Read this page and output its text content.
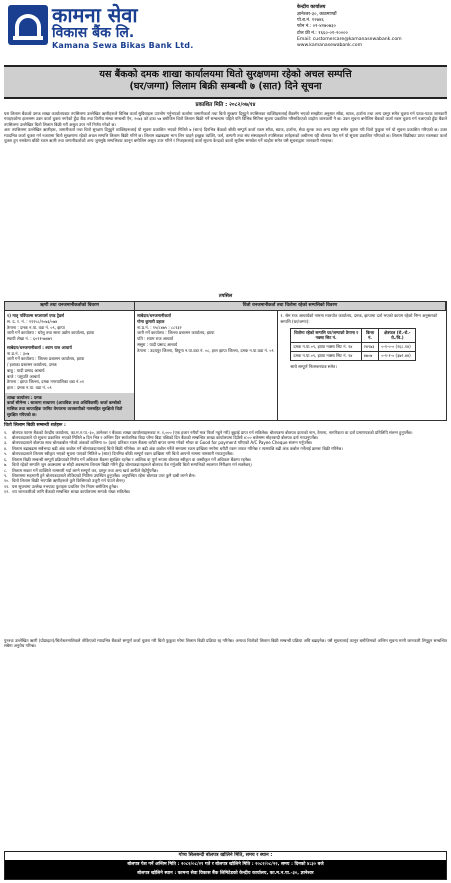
कामना सेवा
विकास बैंक लि.
Kamana Sewa Bikas Bank Ltd.
केन्द्रीय कार्यालय
ज्ञानेश्वर-३०, काठमाण्डौं
पो.ब.नं. १२७४६
फोन नं.: ०१-४२७०७३०
टोल फ्री नं.: १६६०-०१-२००००
Email: customercare@kamanasewabank.com
www.kamanasewabank.com
यस बैंकको दमक शाखा कार्यालयमा धितो सुरक्षणमा रहेको अचल सम्पत्ति
(घर/जग्गा) लिलाम बिक्री सम्बन्धी ७ (सात) दिने सूचना
प्रकाशित मिति : २०८२/०७/१४

यस लिलाम बैंकको दमक शाखा कार्यालयबाट तपसिलमा उल्लेखित ऋणीहरूले विभिन्न कर्जा सुविधाहरू उपभोग गर्नुभएको कर्जामा जमानीकर्ता तथा धितो सुरक्षण दिनुहुने तपसिलका व्यक्तिहरूलाई बैंकसँग भएको सम्झौता अनुसार साँवा, ब्याज, हर्जाना तथा अन्य दस्तुर समेत चुक्ता गर्न पटक-पटक जानकारी गराइएकोमा हालसम्म उक्त कर्जा चुक्ता नगरेको हुँदा बैंक तथा वित्तीय संस्था सम्बन्धी ऐन, २०७३ को दफा ५७ बमोजिम धितो लिलाम बिक्री गर्ने सम्बन्धमा पहिले पनि विभिन्न मितिमा सूचना प्रकाशित गरिसकिएको व्यहोरा जानकारी नै छ। उक्त सूचना बमोजिम बैंकको कर्जा रकम चुक्ता गर्न नआएको हुँदा बैंकले तपसिलमा उल्लेखित धितो लिलाम बिक्री गरी असुल उपर गर्ने निर्णय गरेको छ।

अतः तपसिलमा उल्लेखित ऋणीहरू, जमानीकर्ता तथा धितो सुरक्षण दिनुहुने व्यक्तिहरूलाई यो सूचना प्रकाशित भएको मितिले ७ (सात) दिनभित्र बैंकको बाँकी सम्पूर्ण कर्जा रकम साँवा, ब्याज, हर्जाना, सेवा शुल्क तथा अन्य दस्तुर समेत चुक्ता गरी धितो फुकुवा गर्न यो सूचना प्रकाशित गरिएको छ। उक्त म्यादभित्र कर्जा चुक्ता गर्न नआएमा धितो सुरक्षणमा रहेको अचल सम्पत्ति लिलाम बिक्री गरिने छ। लिलाम बढाबढमा भाग लिन चाहने इच्छुक व्यक्ति, फर्म, कम्पनी तथा संघ संस्थाहरूले तपसिलका शर्तहरूको अधीनमा रही बोलपत्र पेश गर्न यो सूचना प्रकाशित गरिएको छ। लिलाम बिक्रीबाट प्राप्त रकमबाट कर्जा चुक्ता हुन नसकेमा बाँकी रकम ऋणी तथा जमानीकर्ताको अन्य जुनसुकै सम्पत्तिबाट कानून बमोजिम असुल उपर गरिने र निजहरूलाई कर्जा सूचना केन्द्रको कालो सूचीमा समावेश गर्ने व्यहोरा समेत यसै सूचनाद्वारा जानकारी गराइन्छ।

तपसिल
ऋणी तथा धनजमानीकर्ताको विवरण	धितो धनजमानीकर्ता तथा धितोमा रहेको सम्पत्तिको विवरण
१) मातृ पर्विफल्स सप्लायर्स एण्ड ट्रेडर्स
स. द. र. नं. : ११९५८/२०७३/०७४
ठेगाना : दमक न.पा. वडा नं. ०९, झापा
जारी गर्ने कार्यालय : घरेलु तथा साना उद्योग कार्यालय, झापा
स्थायी लेखा नं. : ६०९१५७४७९
साबेदार/धनजमानीकर्ता : श्याम राज आचार्य
ना.प्र.नं. : ३०७
जारी गर्ने कार्यालय : जिल्ला प्रशासन कार्यालय, झापा
/ इलाका प्रशासन कार्यालय, दमक
बाबु : यादी प्रसाद आचार्य
बाजे : पशुपति आचार्य
ठेगाना : झापा जिल्ला, दमक नगरपालिका वडा नं.०१
हाल : दमक न.पा. वडा नं. ०९
शाखा कार्यालय : दमक
कर्जा सीमेन्स : सालाना साधारण (आवधिक तथा अधिविकर्षी) कर्जा कम्बोको मासिक तथा साप्ताहिक परमिट वेगरारमा व्यवसायीको नामसहित सुरक्षितो धितो सुरक्षित गरिएको छ।
साबेदार/धनजमानीकर्ता
गोमा कुमारी दहाल
ना.प्र.नं. : १५/८४७५ : ८८१३२
जारी गर्ने कार्यालय : जिल्ला प्रशासन कार्यालय, झापा
पति : श्याम राज आचार्य
ससुरा : यादी प्रसाद आचार्य
ठेगाना : उदयपुर जिल्ला, त्रियुगा न.पा.वडा नं. ०८, हाल झापा जिल्ला, दमक न.पा.वडा नं. ०९
१. श्रेम राज आचार्यको नाममा मालपोत कार्यालय, दमक, झापामा दर्ता भएको कायम रहेको निम्न अनुसारको सम्पत्ति (घर/जग्गा):
धितोमा रहेको सम्पत्ति घर/जग्गाको ठेगाना र नक्सा सिट नं.	कित्ता नं.	क्षेत्रफल (रो.-रो.-रो./वि.)
दमक न.पा.०९, झापा नक्सा सिट नं. १४	२४९७३	०-१-०-० (२६८.१४)
दमक न.पा.०९, झापा नक्सा सिट नं. १४	४७०७	०-१-१-० (३७२.४४)
साथै सम्पूर्ण निलम्बनपात्र समेत।
धितो लिलाम बिक्री सम्बन्धी शर्तहरू :
१.	बोलपत्र फारम बैंकको केन्द्रीय कार्यालय, का.म.न.पा.-३०, ज्ञानेश्वर र बैंकका शाखा कार्यालयहरूबाट रु. १,००० (एक हजार रुपैयाँ मात्र फिर्ता नहुने गरी) बुझाई प्राप्त गर्न सकिनेछ। बोलपत्रमा बोलपत्र दाताको नाम, ठेगाना, नागरिकता वा दर्ता प्रमाणपत्रको प्रतिलिपि संलग्न हुनुपर्नेछ।
२.	बोलपत्रदाताले यो सूचना प्रकाशित भएको मितिले ७ दिन भित्र र अन्तिम दिन सार्वजनिक बिदा परेमा बिदा पछिको दिन बैंकको सम्बन्धित शाखा कार्यालयमा दिउँसो ४:०० बजेसम्म मोहरबन्दी बोलपत्र दर्ता गराउनुपर्नेछ।
३.	बोलपत्रदाताले बोलपत्र साथ बोलकबोल गरेको अंकको कम्तिमा १० (दश) प्रतिशत रकम बैंकमा धरौटी बापत जम्मा गरेको भौचर वा Good for payment गरिएको A/C Payee Cheque संलग्न गर्नुपर्नेछ।
४.	लिलाम बढाबढमा सबैभन्दा बढी अंक कबोल गर्ने बोलपत्रदातालाई धितो बिक्री गरिनेछ। तर बढी अंक कबोल गर्नेले समयमा रकम दाखिला नगरेमा धरौटी रकम जफत गरिनेछ र त्यसपछि बढी अंक कबोल गर्नेलाई क्रमशः बिक्री गरिनेछ।
५.	बोलपत्रदाताले लिलाम स्वीकृत भएको सूचना पाएको मितिले ७ (सात) दिनभित्र बाँकी सम्पूर्ण रकम दाखिला गरी धितो आफ्नो नाममा नामसारी गराउनुपर्नेछ।
६.	लिलाम बिक्री सम्बन्धी सम्पूर्ण प्रक्रियाको निर्णय गर्ने अधिकार बैंकमा सुरक्षित रहनेछ र आंशिक वा पूर्ण रूपमा बोलपत्र स्वीकृत वा अस्वीकृत गर्ने अधिकार बैंकमा रहनेछ।
७.	धितो रहेको सम्पत्ति जुन अवस्थामा छ सोही अवस्थामा लिलाम बिक्री गरिने हुँदा बोलपत्रदाताहरूले बोलपत्र पेश गर्नुअघि धितो सम्पत्तिको स्थलगत निरीक्षण गर्न सक्नेछन्।
८.	लिलाम सकार गर्ने व्यक्तिले नामसारी गर्दा लाग्ने सम्पूर्ण कर, दस्तुर तथा अन्य खर्च आफैंले बेहोर्नुपर्नेछ।
९.	लिलाममा सहभागी हुने बोलपत्रदाताले तोकिएको मितिमा उपस्थित हुनुपर्नेछ। अनुपस्थित रहेमा बोलपत्र उपर कुनै दाबी लाग्ने छैन।
१०. धितो लिलाम बिक्री भएपछि ऋणीहरूले कुनै किसिमको उजुरी गर्न पाउने छैनन्।
११. यस सूचनामा उल्लेख नभएका कुराहरू प्रचलित ऐन नियम बमोजिम हुनेछ।
१२. थप जानकारीको लागि बैंकको सम्बन्धित शाखा कार्यालयमा सम्पर्क राख्न सकिनेछ।
पुनश्चः उल्लेखित ऋणी (प्रोप्राइटर)/धितोधनमालिकले तोकिएको म्यादभित्र बैंकको सम्पूर्ण कर्जा चुक्ता गरी धितो फुकुवा गरेमा लिलाम बिक्री प्रक्रिया रद्द गरिनेछ। अन्यथा धितोको लिलाम बिक्री सम्बन्धी प्रक्रिया अघि बढाइनेछ। यसै सूचनालाई कानून बमोजिमको अन्तिम सूचना मानी जानकारी लिनुहुन सम्बन्धित सबैमा अनुरोध गरिन्छ।
गोप्य सिलबन्दी बोलपत्र खोलिने मिति, समय र स्थान :
बोलपत्र पेश गर्ने अन्तिम मिति : २०८२/०८/२१ गते र बोलपत्र खोलिने मिति : २०८२/०८/२२, समय : दिनको ४:३० बजे
बोलपत्र खोलिने स्थान : कामना सेवा विकास बैंक लिमिटेडको केन्द्रीय कार्यालय, का.म.न.पा.-३०, ज्ञानेश्वर
